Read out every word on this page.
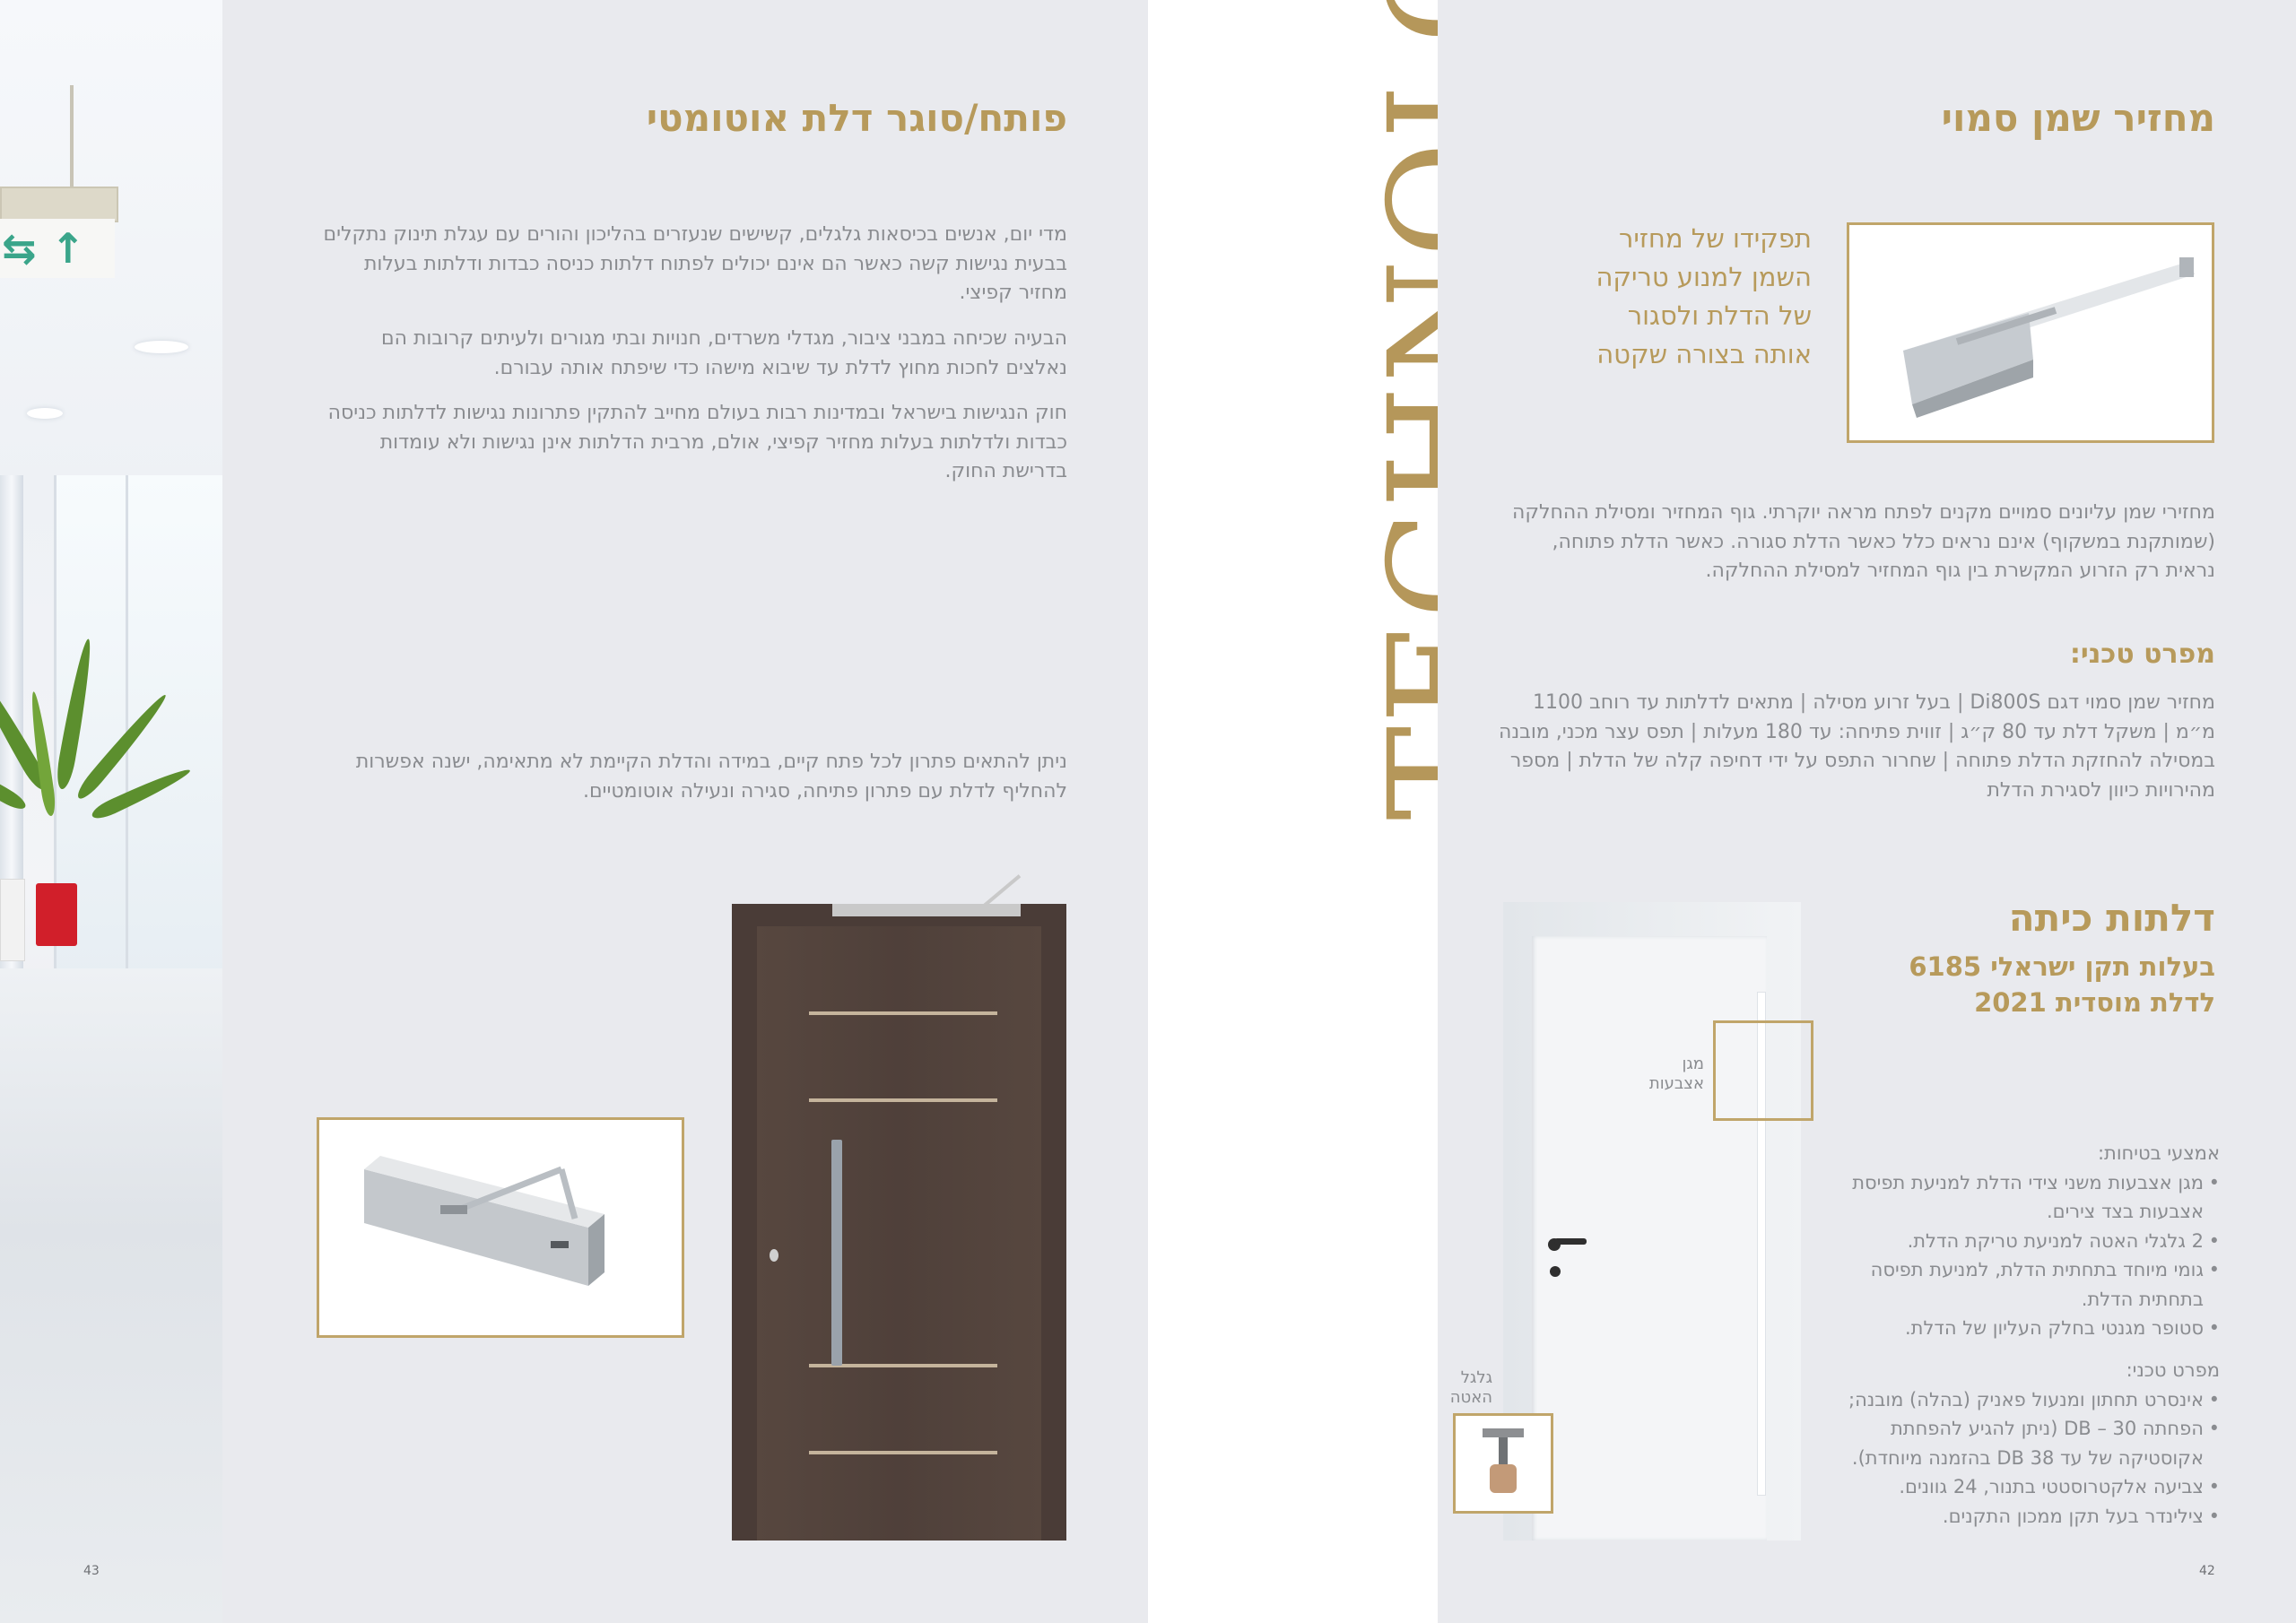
⇆ ↑
פותח/סוגר דלת אוטומטי

מדי יום, אנשים בכיסאות גלגלים, קשישים שנעזרים בהליכון והורים עם עגלת תינוק נתקלים בבעית נגישות קשה כאשר הם אינם יכולים לפתוח דלתות כניסה כבדות ודלתות בעלות מחזיר קפיצי.

הבעיה שכיחה במבני ציבור, מגדלי משרדים, חנויות ובתי מגורים ולעיתים קרובות הם נאלצים לחכות מחוץ לדלת עד שיבוא מישהו כדי שיפתח אותה עבורם.

חוק הנגישות בישראל ובמדינות רבות בעולם מחייב להתקין פתרונות נגישות לדלתות כניסה כבדות ולדלתות בעלות מחזיר קפיצי, אולם, מרבית הדלתות אינן נגישות ולא עומדות בדרישת החוק.

ניתן להתאים פתרון לכל פתח קיים, במידה והדלת הקיימת לא מתאימה, ישנה אפשרות להחליף לדלת עם פתרון פתיחה, סגירה ונעילה אוטומטיים.

43
מחזיר שמן סמוי

תפקידו של מחזיר השמן למנוע טריקה של הדלת ולסגור אותה בצורה שקטה

מחזירי שמן עליונים סמויים מקנים לפתח מראה יוקרתי. גוף המחזיר ומסילת ההחלקה (שמותקנת במשקוף) אינם נראים כלל כאשר הדלת סגורה. כאשר הדלת פתוחה, נראית רק הזרוע המקשרת בין גוף המחזיר למסילת ההחלקה.

מפרט טכני:

מחזיר שמן סמוי דגם Di800S | בעל זרוע מסילה | מתאים לדלתות עד רוחב 1100 מ״מ | משקל דלת עד 80 ק״ג | זווית פתיחה: עד 180 מעלות | תפס עצר מכני, מובנה במסילה להחזקת הדלת פתוחה | שחרור התפס על ידי דחיפה קלה של הדלת | מספר מהירויות כיוון לסגירת הדלת

דלתות כיתה
בעלות תקן ישראלי 6185
לדלת מוסדית 2021
מגן
אצבעות
גלגל
האטה
אמצעי בטיחות:
• מגן אצבעות משני צידי הדלת למניעת תפיסת אצבעות בצד צירים.
• 2 גלגלי האטה למניעת טריקת הדלת.
• גומי מיוחד בתחתית הדלת, למניעת תפיסה בתחתית הדלת.
• סטופר מגנטי בחלק העליון של הדלת.
מפרט טכני:
• אינסרט תחתון ומנעול פאניק (בהלה) מובנה;
• הפחתה DB – 30 (ניתן להגיע להפחתת אקוסטיקה של עד DB 38 בהזמנה מיוחדת).
• צביעה אלקטרוסטטי בתנור, 24 גוונים.
• צילינדר בעל תקן ממכון התקנים.
42
